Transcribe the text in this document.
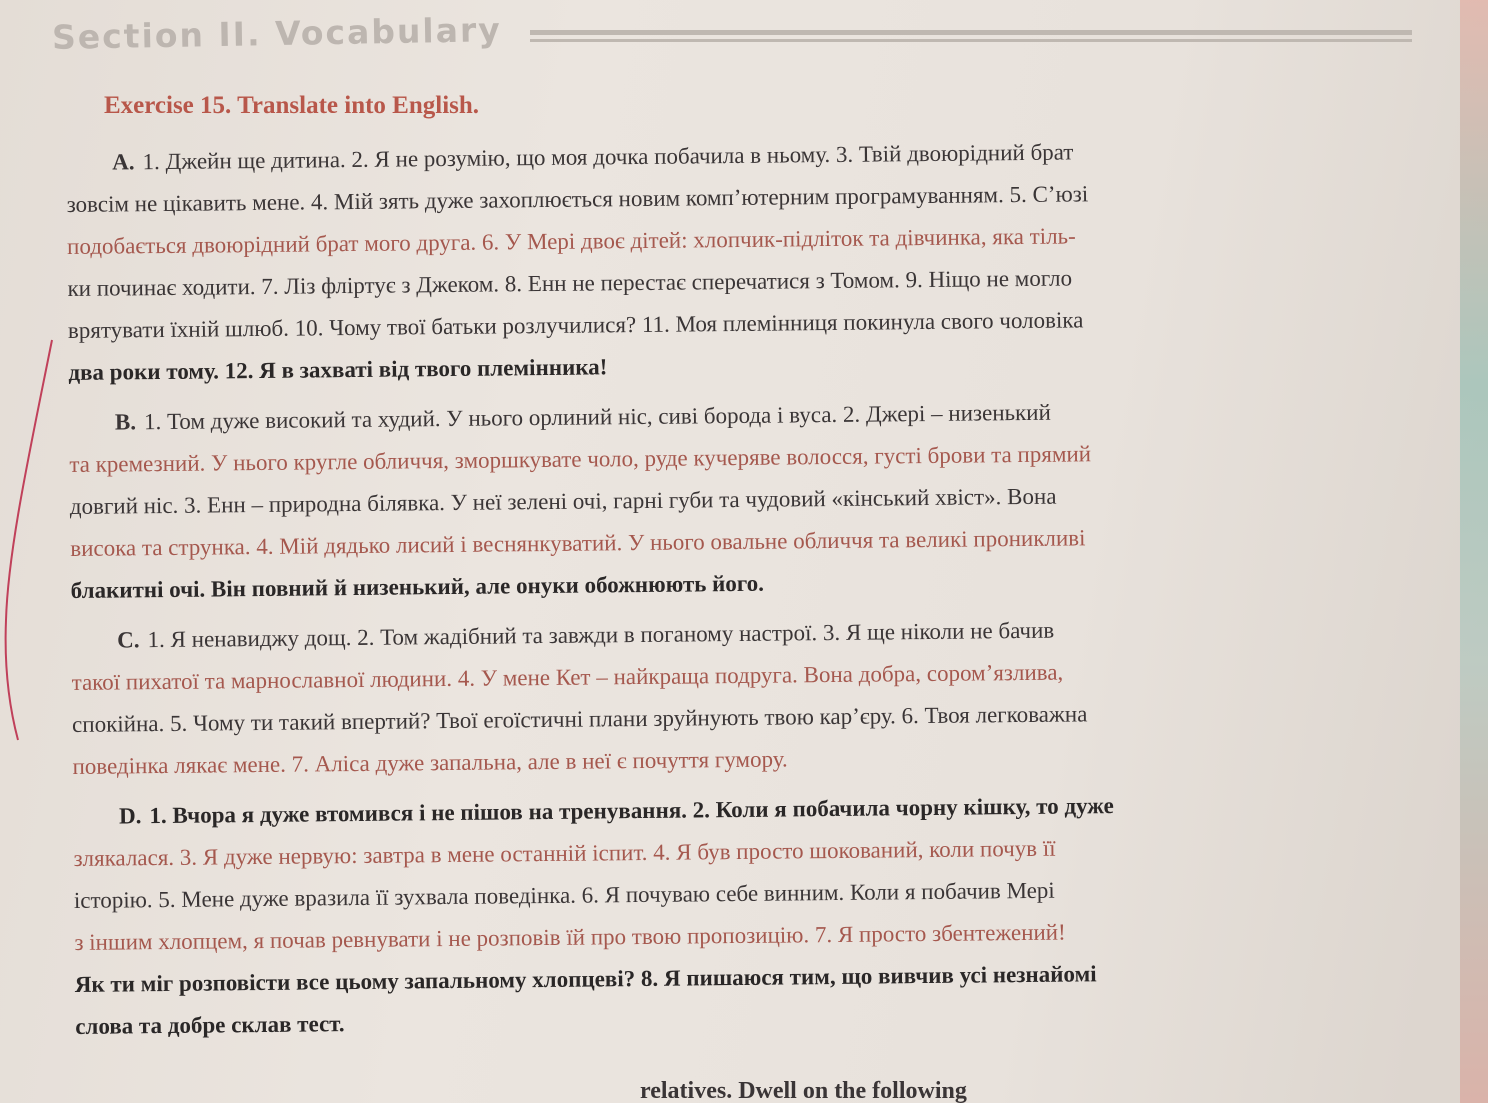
Section II. Vocabulary
Exercise 15. Translate into English.
A. 1. Джейн ще дитина. 2. Я не розумію, що моя дочка побачила в ньому. 3. Твій двоюрідний брат
зовсім не цікавить мене. 4. Мій зять дуже захоплюється новим комп’ютерним програмуванням. 5. С’юзі
подобається двоюрідний брат мого друга. 6. У Мері двоє дітей: хлопчик-підліток та дівчинка, яка тіль-
ки починає ходити. 7. Ліз фліртує з Джеком. 8. Енн не перестає сперечатися з Томом. 9. Ніщо не могло
врятувати їхній шлюб. 10. Чому твої батьки розлучилися? 11. Моя племінниця покинула свого чоловіка
два роки тому. 12. Я в захваті від твого племінника!
B. 1. Том дуже високий та худий. У нього орлиний ніс, сиві борода і вуса. 2. Джері – низенький
та кремезний. У нього кругле обличчя, зморшкувате чоло, руде кучеряве волосся, густі брови та прямий
довгий ніс. 3. Енн – природна білявка. У неї зелені очі, гарні губи та чудовий «кінський хвіст». Вона
висока та струнка. 4. Мій дядько лисий і веснянкуватий. У нього овальне обличчя та великі проникливі
блакитні очі. Він повний й низенький, але онуки обожнюють його.
C. 1. Я ненавиджу дощ. 2. Том жадібний та завжди в поганому настрої. 3. Я ще ніколи не бачив
такої пихатої та марнославної людини. 4. У мене Кет – найкраща подруга. Вона добра, сором’язлива,
спокійна. 5. Чому ти такий впертий? Твої егоїстичні плани зруйнують твою кар’єру. 6. Твоя легковажна
поведінка лякає мене. 7. Аліса дуже запальна, але в неї є почуття гумору.
D. 1. Вчора я дуже втомився і не пішов на тренування. 2. Коли я побачила чорну кішку, то дуже
злякалася. 3. Я дуже нервую: завтра в мене останній іспит. 4. Я був просто шокований, коли почув її
історію. 5. Мене дуже вразила її зухвала поведінка. 6. Я почуваю себе винним. Коли я побачив Мері
з іншим хлопцем, я почав ревнувати і не розповів їй про твою пропозицію. 7. Я просто збентежений!
Як ти міг розповісти все цьому запальному хлопцеві? 8. Я пишаюся тим, що вивчив усі незнайомі
слова та добре склав тест.
relatives. Dwell on the following
